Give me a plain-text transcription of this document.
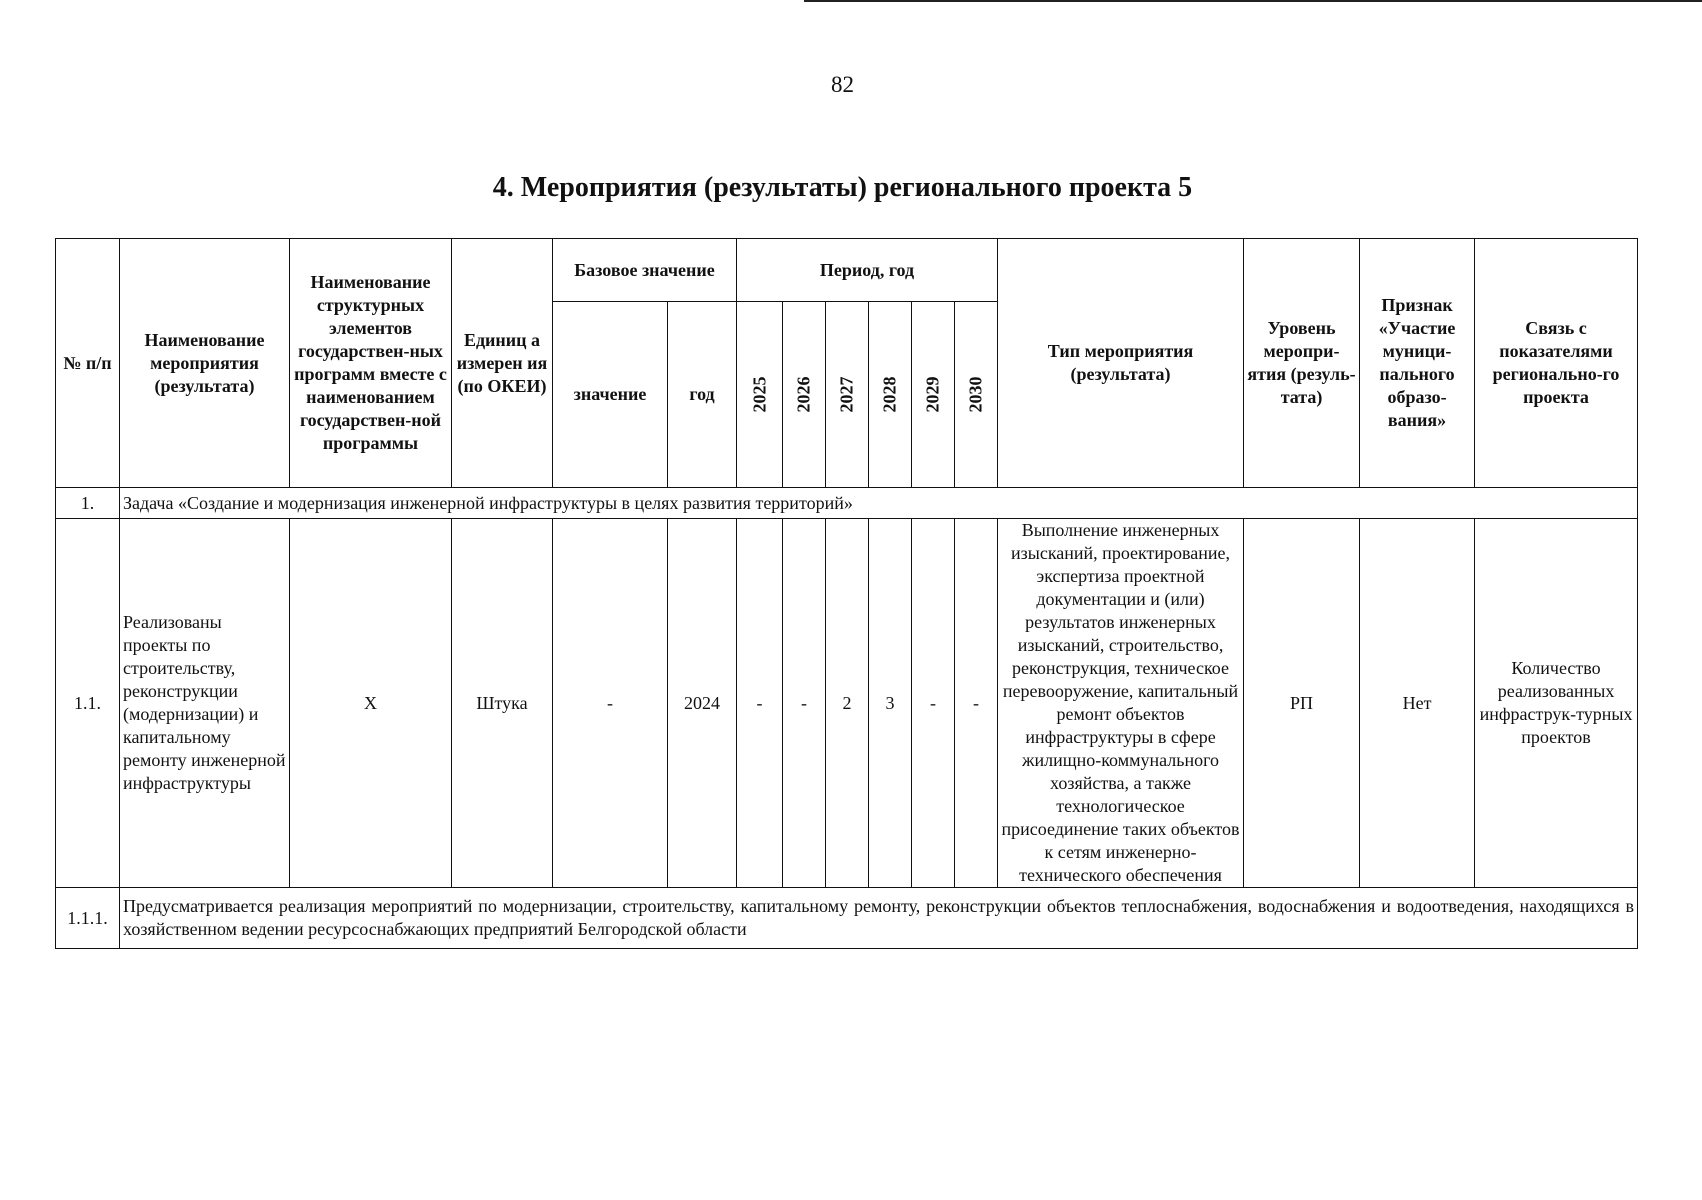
82
4. Мероприятия (результаты) регионального проекта 5
№ п/п	Наименование мероприятия (результата)	Наименование структурных элементов государствен-ных программ вместе с наименованием государствен-ной программы	Единиц а измерен ия (по ОКЕИ)	Базовое значение		Период, год						Тип мероприятия (результата)	Уровень меропри-ятия (резуль-тата)	Признак «Участие муници-пального образо-вания»	Связь с показателями регионально-го проекта
				значение	год	2025	2026	2027	2028	2029	2030				
1.	Задача «Создание и модернизация инженерной инфраструктуры в целях развития территорий»														
1.1.	Реализованы проекты по строительству, реконструкции (модернизации) и капитальному ремонту инженерной инфраструктуры	Х	Штука	-	2024	-	-	2	3	-	-	Выполнение инженерных изысканий, проектирование, экспертиза проектной документации и (или) результатов инженерных изысканий, строительство, реконструкция, техническое перевооружение, капитальный ремонт объектов инфраструктуры в сфере жилищно-коммунального хозяйства, а также технологическое присоединение таких объектов к сетям инженерно-технического обеспечения	РП	Нет	Количество реализованных инфраструк-турных проектов
1.1.1.	Предусматривается реализация мероприятий по модернизации, строительству, капитальному ремонту, реконструкции объектов теплоснабжения, водоснабжения и водоотведения, находящихся в хозяйственном ведении ресурсоснабжающих предприятий Белгородской области														
